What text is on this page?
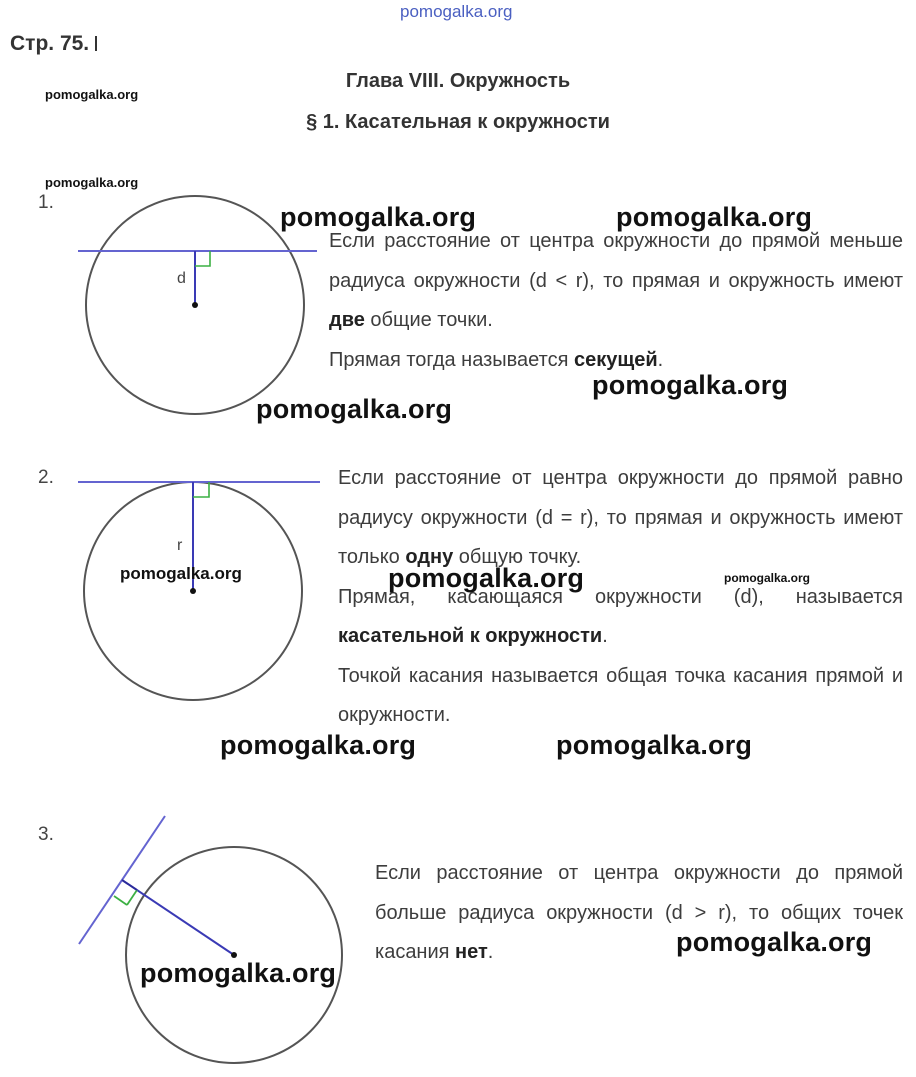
pomogalka.org
Стр. 75.
Глава VIII. Окружность
§ 1. Касательная к окружности
pomogalka.org
pomogalka.org
pomogalka.org	pomogalka.org
pomogalka.org
pomogalka.org
pomogalka.org	pomogalka.org
pomogalka.org
d
r
1.
2.
3.

Если расстояние от центра окружности до прямой меньше радиуса окружности (d < r), то прямая и окружность имеют две общие точки.

Прямая тогда называется секущей.

Если расстояние от центра окружности до прямой равно радиусу окружности (d = r), то прямая и окружность имеют только одну общую точку.

Прямая, касающаяся окружности (d), называется касательной к окружности.

Точкой касания называется общая точка касания прямой и окружности.

Если расстояние от центра окружности до прямой больше радиуса окружности (d > r), то общих точек касания нет.

pomogalka.org	pomogalka.org	pomogalka.org
pomogalka.org
